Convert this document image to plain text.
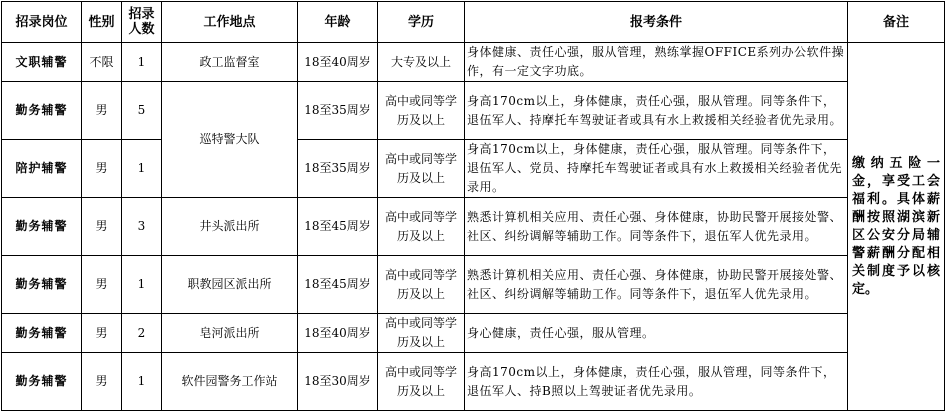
招录岗位	性别	招录人数	工作地点	年龄	学历	报考条件	备注
文职辅警	不限	1	政工监督室	18至40周岁	大专及以上	身体健康、责任心强，服从管理，熟练掌握OFFICE系列办公软件操作，有一定文字功底。	缴纳五险一金，享受工会福利。具体薪酬按照湖滨新区公安分局辅警薪酬分配相关制度予以核定。
勤务辅警	男	5	巡特警大队	18至35周岁	高中或同等学历及以上	身高170cm以上，身体健康，责任心强，服从管理。同等条件下，退伍军人、持摩托车驾驶证者或具有水上救援相关经验者优先录用。	
陪护辅警	男	1		18至35周岁	高中或同等学历及以上	身高170cm以上，身体健康，责任心强，服从管理。同等条件下，退伍军人、党员、持摩托车驾驶证者或具有水上救援相关经验者优先录用。	
勤务辅警	男	3	井头派出所	18至45周岁	高中或同等学历及以上	熟悉计算机相关应用、责任心强、身体健康，协助民警开展接处警、社区、纠纷调解等辅助工作。同等条件下，退伍军人优先录用。	
勤务辅警	男	1	职教园区派出所	18至45周岁	高中或同等学历及以上	熟悉计算机相关应用、责任心强、身体健康，协助民警开展接处警、社区、纠纷调解等辅助工作。同等条件下，退伍军人优先录用。	
勤务辅警	男	2	皂河派出所	18至40周岁	高中或同等学历及以上	身心健康，责任心强，服从管理。	
勤务辅警	男	1	软件园警务工作站	18至30周岁	高中或同等学历及以上	身高170cm以上，身体健康，责任心强，服从管理，同等条件下，退伍军人、持B照以上驾驶证者优先录用。	
